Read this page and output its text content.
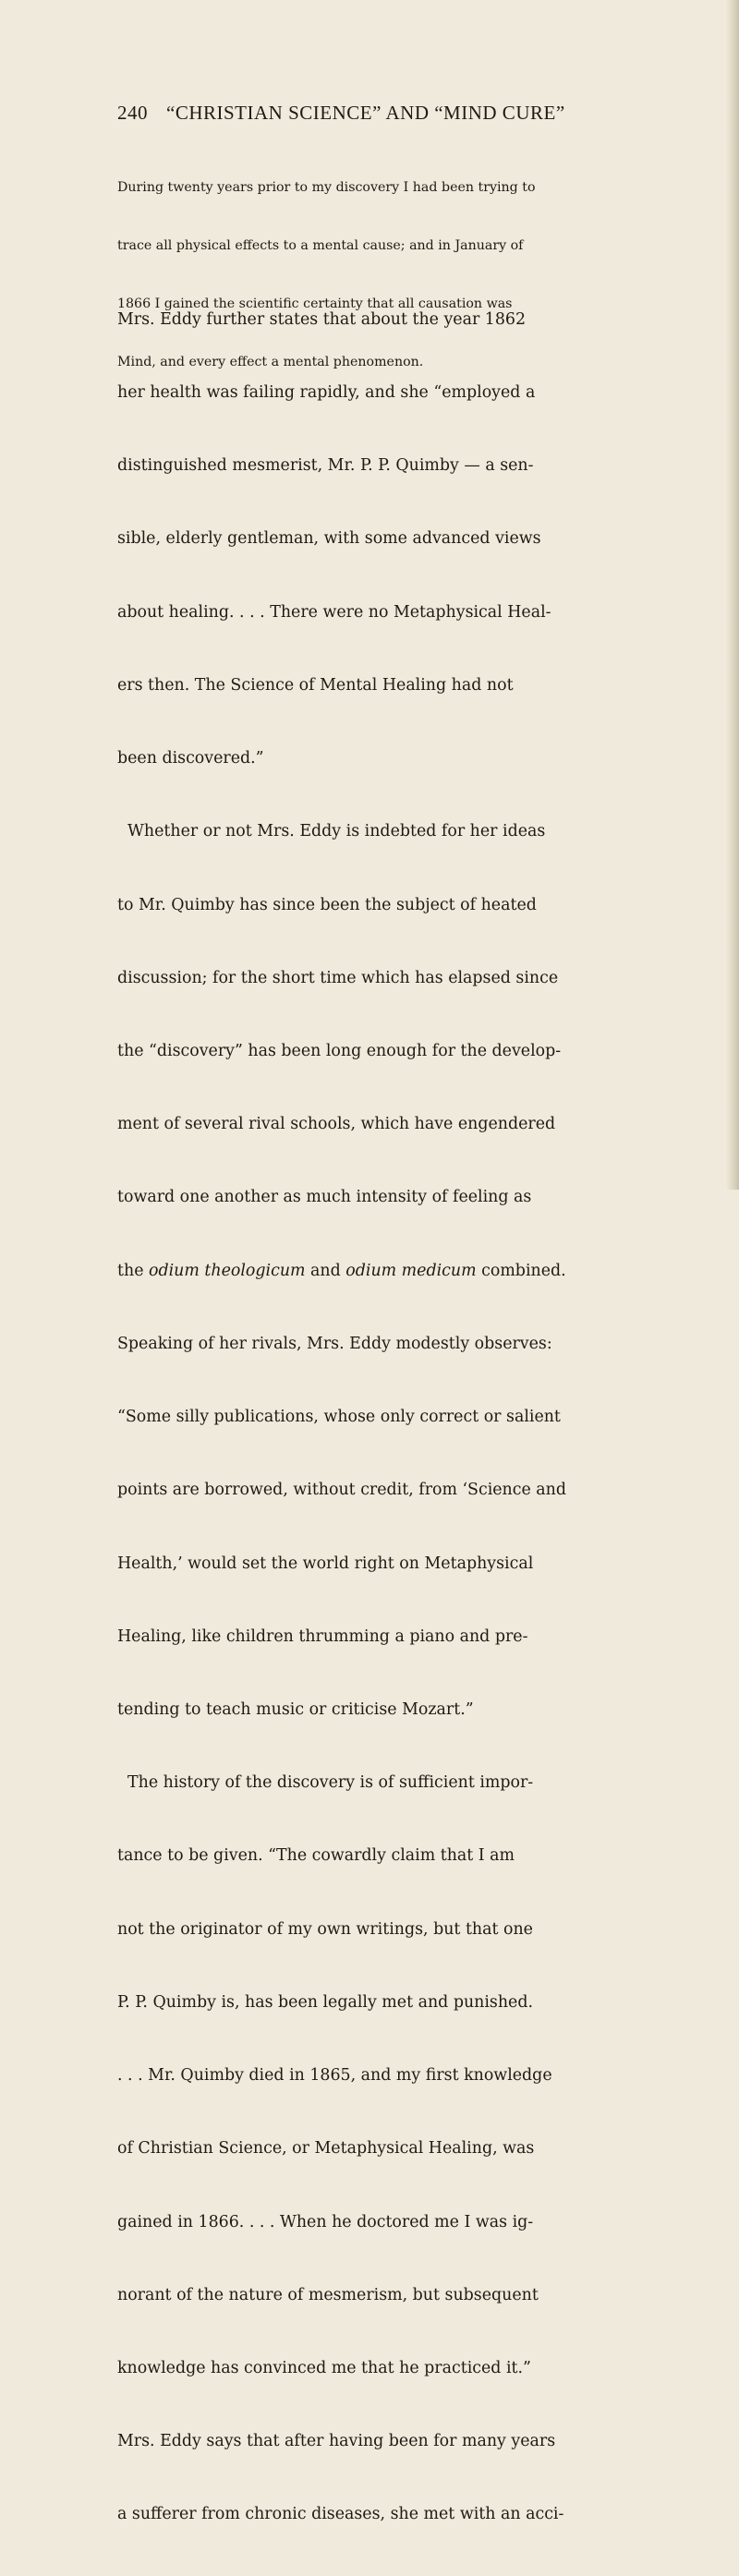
240 “CHRISTIAN SCIENCE” AND “MIND CURE”

During twenty years prior to my discovery I had been trying to

trace all physical effects to a mental cause; and in January of

1866 I gained the scientific certainty that all causation was

Mind, and every effect a mental phenomenon.

Mrs. Eddy further states that about the year 1862

her health was failing rapidly, and she “employed a

distinguished mesmerist, Mr. P. P. Quimby — a sen-

sible, elderly gentleman, with some advanced views

about healing. . . . There were no Metaphysical Heal-

ers then. The Science of Mental Healing had not

been discovered.”

Whether or not Mrs. Eddy is indebted for her ideas

to Mr. Quimby has since been the subject of heated

discussion; for the short time which has elapsed since

the “discovery” has been long enough for the develop-

ment of several rival schools, which have engendered

toward one another as much intensity of feeling as

the odium theologicum and odium medicum combined.

Speaking of her rivals, Mrs. Eddy modestly observes:

“Some silly publications, whose only correct or salient

points are borrowed, without credit, from ‘Science and

Health,’ would set the world right on Metaphysical

Healing, like children thrumming a piano and pre-

tending to teach music or criticise Mozart.”

The history of the discovery is of sufficient impor-

tance to be given. “The cowardly claim that I am

not the originator of my own writings, but that one

P. P. Quimby is, has been legally met and punished.

. . . Mr. Quimby died in 1865, and my first knowledge

of Christian Science, or Metaphysical Healing, was

gained in 1866. . . . When he doctored me I was ig-

norant of the nature of mesmerism, but subsequent

knowledge has convinced me that he practiced it.”

Mrs. Eddy says that after having been for many years

a sufferer from chronic diseases, she met with an acci-
